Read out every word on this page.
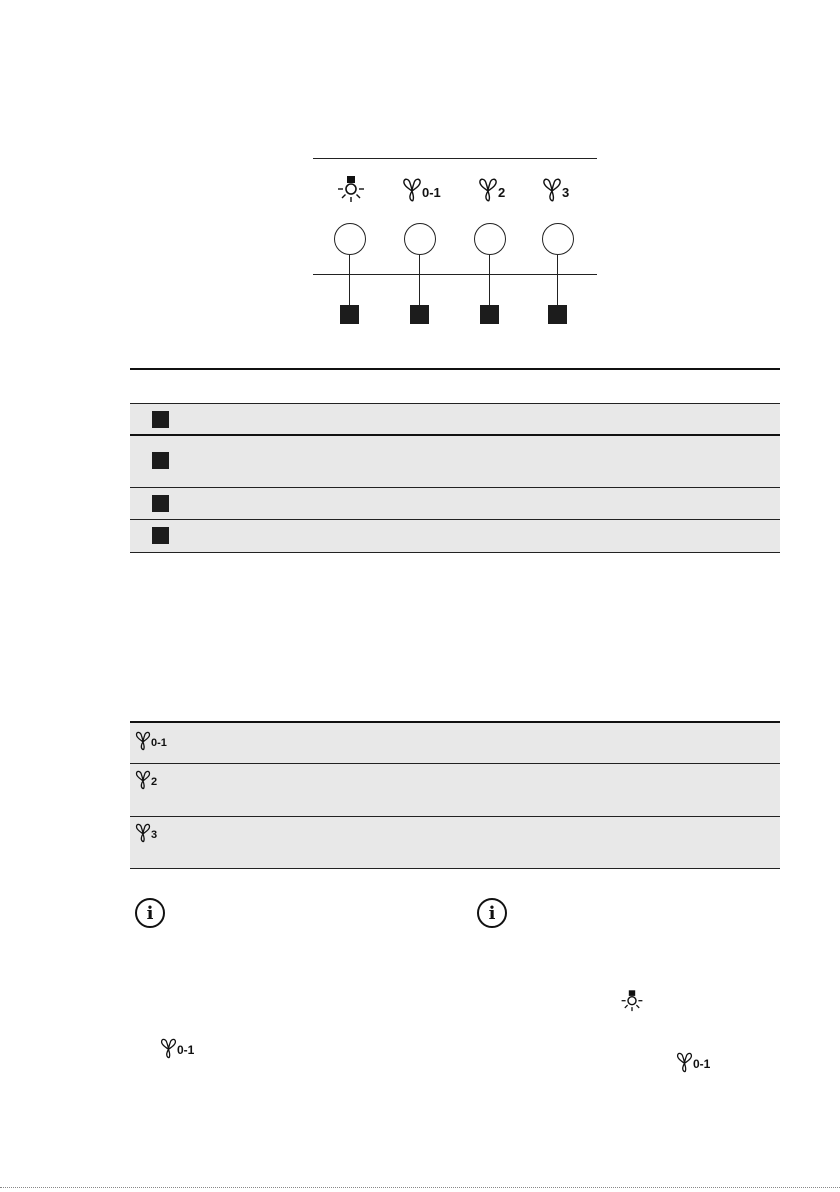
0-1	2	3
0-1
2
3
i
0-1
i
0-1
